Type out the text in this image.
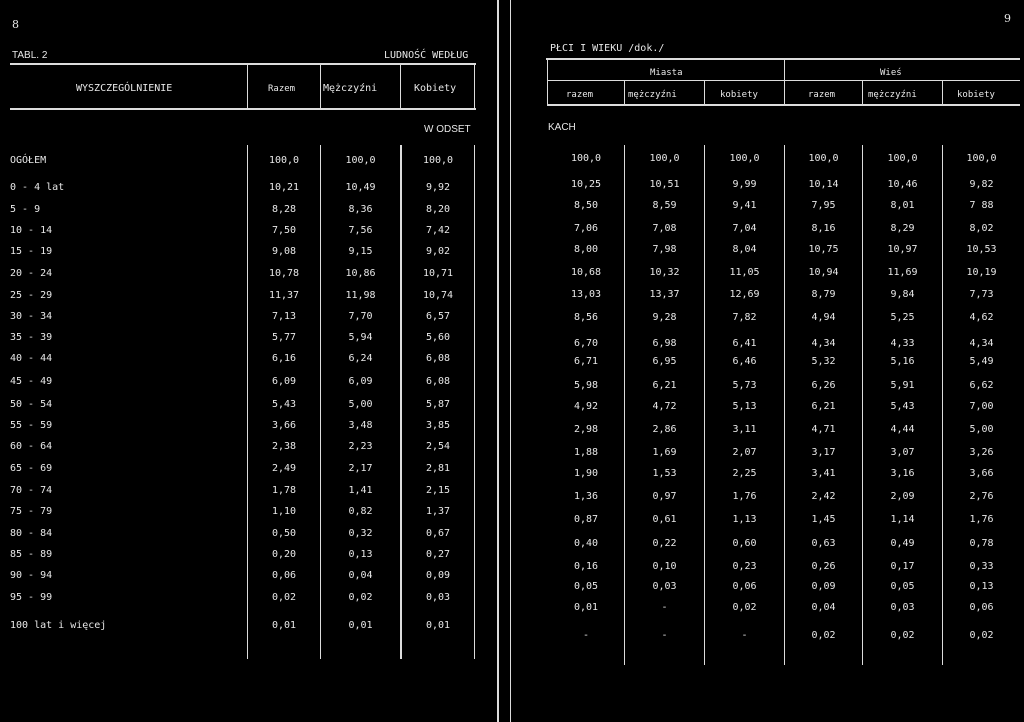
8	9
TABL. 2	LUDNOŚĆ WEDŁUG
WYSZCZEGÓLNIENIE	Razem	Mężczyźni	Kobiety
W ODSET
OGÓŁEM	100,0	100,0	100,0
0 - 4 lat	10,21	10,49	9,92
5 - 9	8,28	8,36	8,20
10 - 14	7,50	7,56	7,42
15 - 19	9,08	9,15	9,02
20 - 24	10,78	10,86	10,71
25 - 29	11,37	11,98	10,74
30 - 34	7,13	7,70	6,57
35 - 39	5,77	5,94	5,60
40 - 44	6,16	6,24	6,08
45 - 49	6,09	6,09	6,08
50 - 54	5,43	5,00	5,87
55 - 59	3,66	3,48	3,85
60 - 64	2,38	2,23	2,54
65 - 69	2,49	2,17	2,81
70 - 74	1,78	1,41	2,15
75 - 79	1,10	0,82	1,37
80 - 84	0,50	0,32	0,67
85 - 89	0,20	0,13	0,27
90 - 94	0,06	0,04	0,09
95 - 99	0,02	0,02	0,03
100 lat i więcej	0,01	0,01	0,01
PŁCI I WIEKU /dok./
Miasta	Wieś
razem	mężczyźni	kobiety	razem	mężczyźni	kobiety
KACH
100,0	100,0	100,0	100,0	100,0	100,0
10,25	10,51	9,99	10,14	10,46	9,82
8,50	8,59	9,41	7,95	8,01	7 88
7,06	7,08	7,04	8,16	8,29	8,02
8,00	7,98	8,04	10,75	10,97	10,53
10,68	10,32	11,05	10,94	11,69	10,19
13,03	13,37	12,69	8,79	9,84	7,73
8,56	9,28	7,82	4,94	5,25	4,62
6,70	6,98	6,41	4,34	4,33	4,34
6,71	6,95	6,46	5,32	5,16	5,49
5,98	6,21	5,73	6,26	5,91	6,62
4,92	4,72	5,13	6,21	5,43	7,00
2,98	2,86	3,11	4,71	4,44	5,00
1,88	1,69	2,07	3,17	3,07	3,26
1,90	1,53	2,25	3,41	3,16	3,66
1,36	0,97	1,76	2,42	2,09	2,76
0,87	0,61	1,13	1,45	1,14	1,76
0,40	0,22	0,60	0,63	0,49	0,78
0,16	0,10	0,23	0,26	0,17	0,33
0,05	0,03	0,06	0,09	0,05	0,13
0,01	-	0,02	0,04	0,03	0,06
-	-	-	0,02	0,02	0,02
